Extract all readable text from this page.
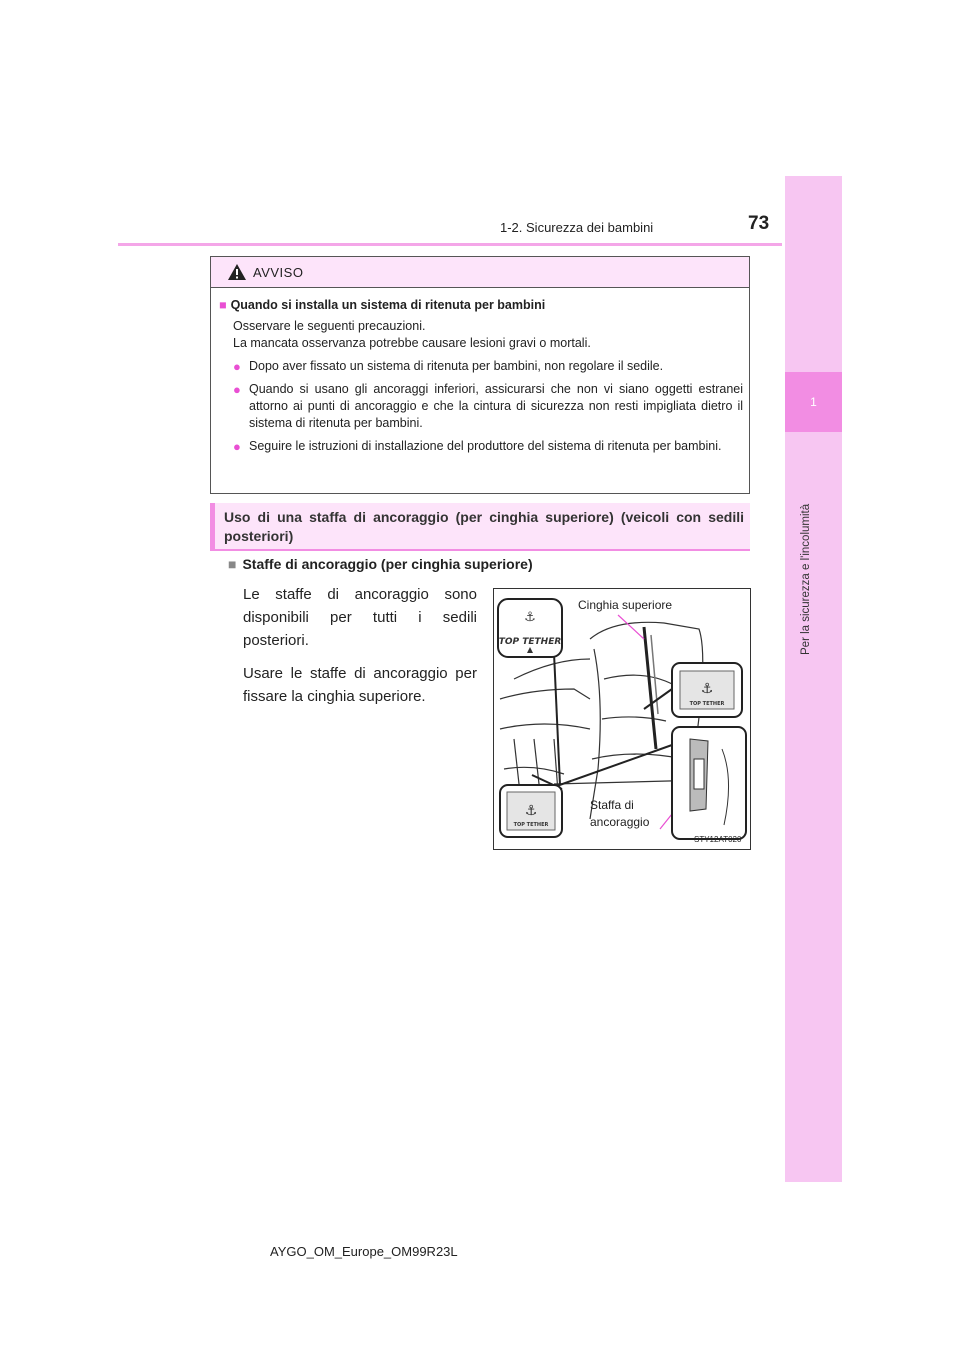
1
Per la sicurezza e l'incolumità
1-2. Sicurezza dei bambini	73
AVVISO
■ Quando si installa un sistema di ritenuta per bambini
Osservare le seguenti precauzioni.
La mancata osservanza potrebbe causare lesioni gravi o mortali.
● Dopo aver fissato un sistema di ritenuta per bambini, non regolare il sedile.
● Quando si usano gli ancoraggi inferiori, assicurarsi che non vi siano oggetti estranei attorno ai punti di ancoraggio e che la cintura di sicurezza non resti impigliata dietro il sistema di ritenuta per bambini.
● Seguire le istruzioni di installazione del produttore del sistema di ritenuta per bambini.
Uso di una staffa di ancoraggio (per cinghia superiore) (veicoli con sedili posteriori)
■ Staffe di ancoraggio (per cinghia superiore)

Le staffe di ancoraggio sono disponibili per tutti i sedili posteriori.

Usare le staffe di ancoraggio per fissare la cinghia superiore.

⚓
TOP TETHER
⚓
TOP TETHER
⚓
TOP TETHER
Cinghia superiore
Staffa di
ancoraggio
STY12AT020
AYGO_OM_Europe_OM99R23L
